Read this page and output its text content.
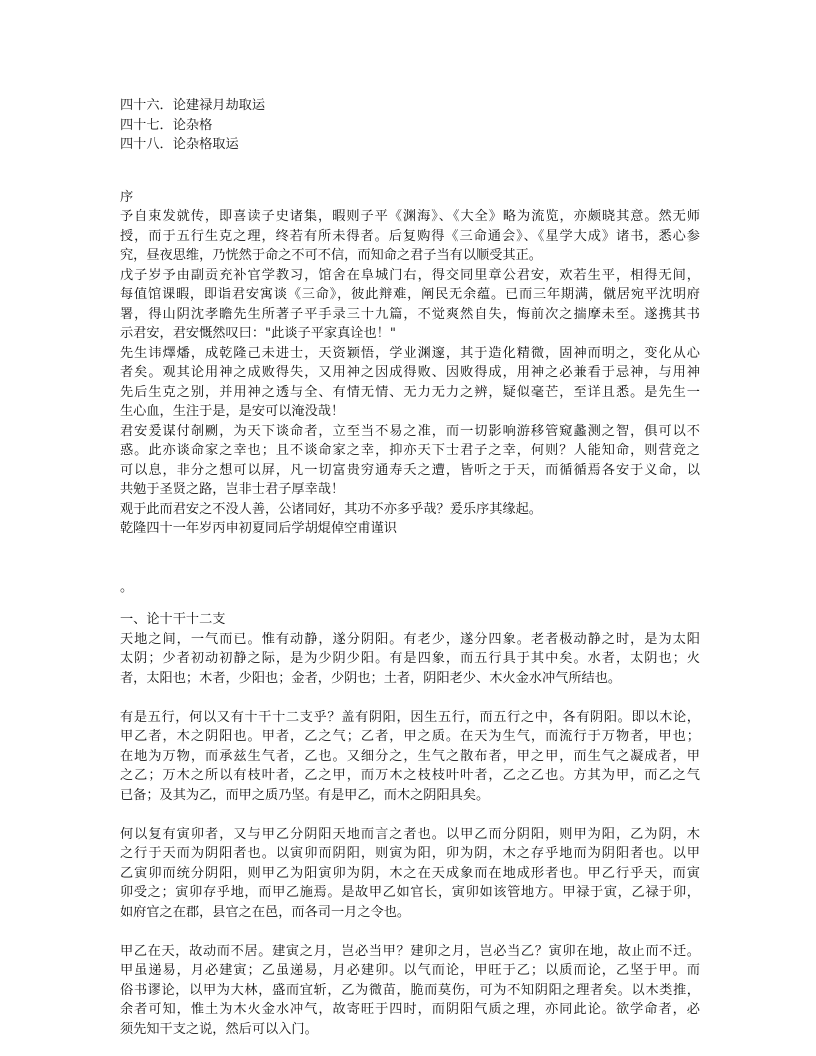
四十六．论建禄月劫取运

四十七．论杂格

四十八．论杂格取运

序

予自束发就传，即喜读子史诸集，暇则子平《渊海》、《大全》略为流览，亦颇晓其意。然无师

授，而于五行生克之理，终若有所未得者。后复购得《三命通会》、《星学大成》诸书，悉心参

究，昼夜思维，乃恍然于命之不可不信，而知命之君子当有以顺受其正。

戊子岁予由副贡充补官学教习，馆舍在阜城门右，得交同里章公君安，欢若生平，相得无间，

每值馆课暇，即诣君安寓谈《三命》，彼此辩难，阐民无余蕴。已而三年期满，僦居宛平沈明府

署，得山阴沈孝瞻先生所著子平手录三十九篇，不觉爽然自失，悔前次之揣摩未至。遂携其书

示君安，君安慨然叹曰："此谈子平家真诠也！"

先生讳燡燔，成乾隆己未进士，天资颖悟，学业渊邃，其于造化精微，固神而明之，变化从心

者矣。观其论用神之成败得失，又用神之因成得败、因败得成，用神之必兼看于忌神，与用神

先后生克之别，并用神之透与全、有情无情、无力无力之辨，疑似毫芒，至详且悉。是先生一

生心血，生注于是，是安可以淹没哉！

君安爰谋付剞劂，为天下谈命者，立至当不易之准，而一切影响游移管窥蠡测之智，俱可以不

惑。此亦谈命家之幸也；且不谈命家之幸，抑亦天下士君子之幸，何则？人能知命，则营竞之

可以息，非分之想可以屏，凡一切富贵穷通寿夭之遭，皆听之于天，而循循焉各安于义命，以

共勉于圣贤之路，岂非士君子厚幸哉！

观于此而君安之不没人善，公诸同好，其功不亦多乎哉？爰乐序其缘起。

乾隆四十一年岁丙申初夏同后学胡焜倬空甫谨识

。

一、论十干十二支

天地之间，一气而已。惟有动静，遂分阴阳。有老少，遂分四象。老者极动静之时，是为太阳

太阴；少者初动初静之际，是为少阴少阳。有是四象，而五行具于其中矣。水者，太阴也；火

者，太阳也；木者，少阳也；金者，少阴也；土者，阴阳老少、木火金水冲气所结也。

有是五行，何以又有十干十二支乎？盖有阴阳，因生五行，而五行之中，各有阴阳。即以木论，

甲乙者，木之阴阳也。甲者，乙之气；乙者，甲之质。在天为生气，而流行于万物者，甲也；

在地为万物，而承兹生气者，乙也。又细分之，生气之散布者，甲之甲，而生气之凝成者，甲

之乙；万木之所以有枝叶者，乙之甲，而万木之枝枝叶叶者，乙之乙也。方其为甲，而乙之气

已备；及其为乙，而甲之质乃坚。有是甲乙，而木之阴阳具矣。

何以复有寅卯者，又与甲乙分阴阳天地而言之者也。以甲乙而分阴阳，则甲为阳，乙为阴，木

之行于天而为阴阳者也。以寅卯而阴阳，则寅为阳，卯为阴，木之存乎地而为阴阳者也。以甲

乙寅卯而统分阴阳，则甲乙为阳寅卯为阴，木之在天成象而在地成形者也。甲乙行乎天，而寅

卯受之；寅卯存乎地，而甲乙施焉。是故甲乙如官长，寅卯如该管地方。甲禄于寅，乙禄于卯，

如府官之在郡，县官之在邑，而各司一月之令也。

甲乙在天，故动而不居。建寅之月，岂必当甲？建卯之月，岂必当乙？寅卯在地，故止而不迁。

甲虽递易，月必建寅；乙虽递易，月必建卯。以气而论，甲旺于乙；以质而论，乙坚于甲。而

俗书谬论，以甲为大林，盛而宜斩，乙为微苗，脆而莫伤，可为不知阴阳之理者矣。以木类推，

余者可知，惟土为木火金水冲气，故寄旺于四时，而阴阳气质之理，亦同此论。欲学命者，必

须先知干支之说，然后可以入门。
